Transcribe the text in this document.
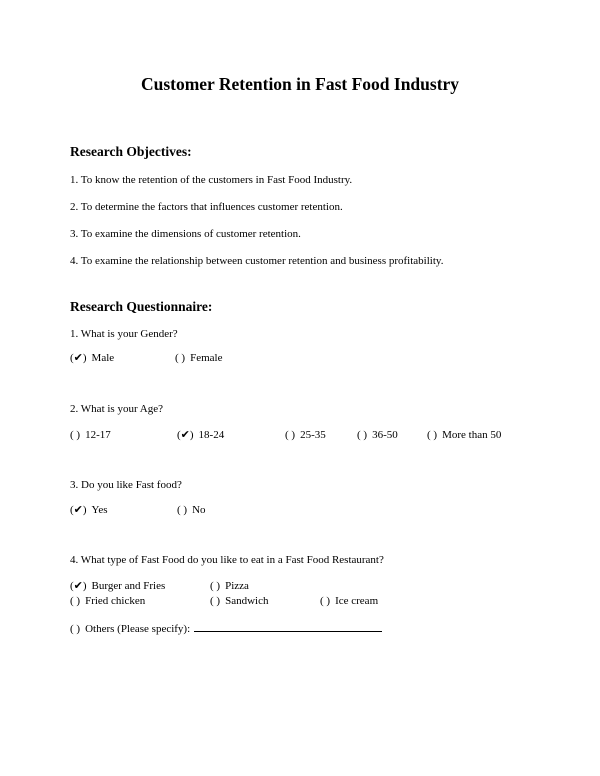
Customer Retention in Fast Food Industry
Research Objectives:

1. To know the retention of the customers in Fast Food Industry.

2. To determine the factors that influences customer retention.

3. To examine the dimensions of customer retention.

4. To examine the relationship between customer retention and business profitability.

Research Questionnaire:

1. What is your Gender?

(✔) Male	( ) Female

2. What is your Age?

( ) 12-17	(✔) 18-24	( ) 25-35	( ) 36-50	( ) More than 50

3. Do you like Fast food?

(✔) Yes	( ) No

4. What type of Fast Food do you like to eat in a Fast Food Restaurant?

(✔) Burger and Fries	( ) Pizza
( ) Fried chicken	( ) Sandwich	( ) Ice cream
( ) Others (Please specify):
